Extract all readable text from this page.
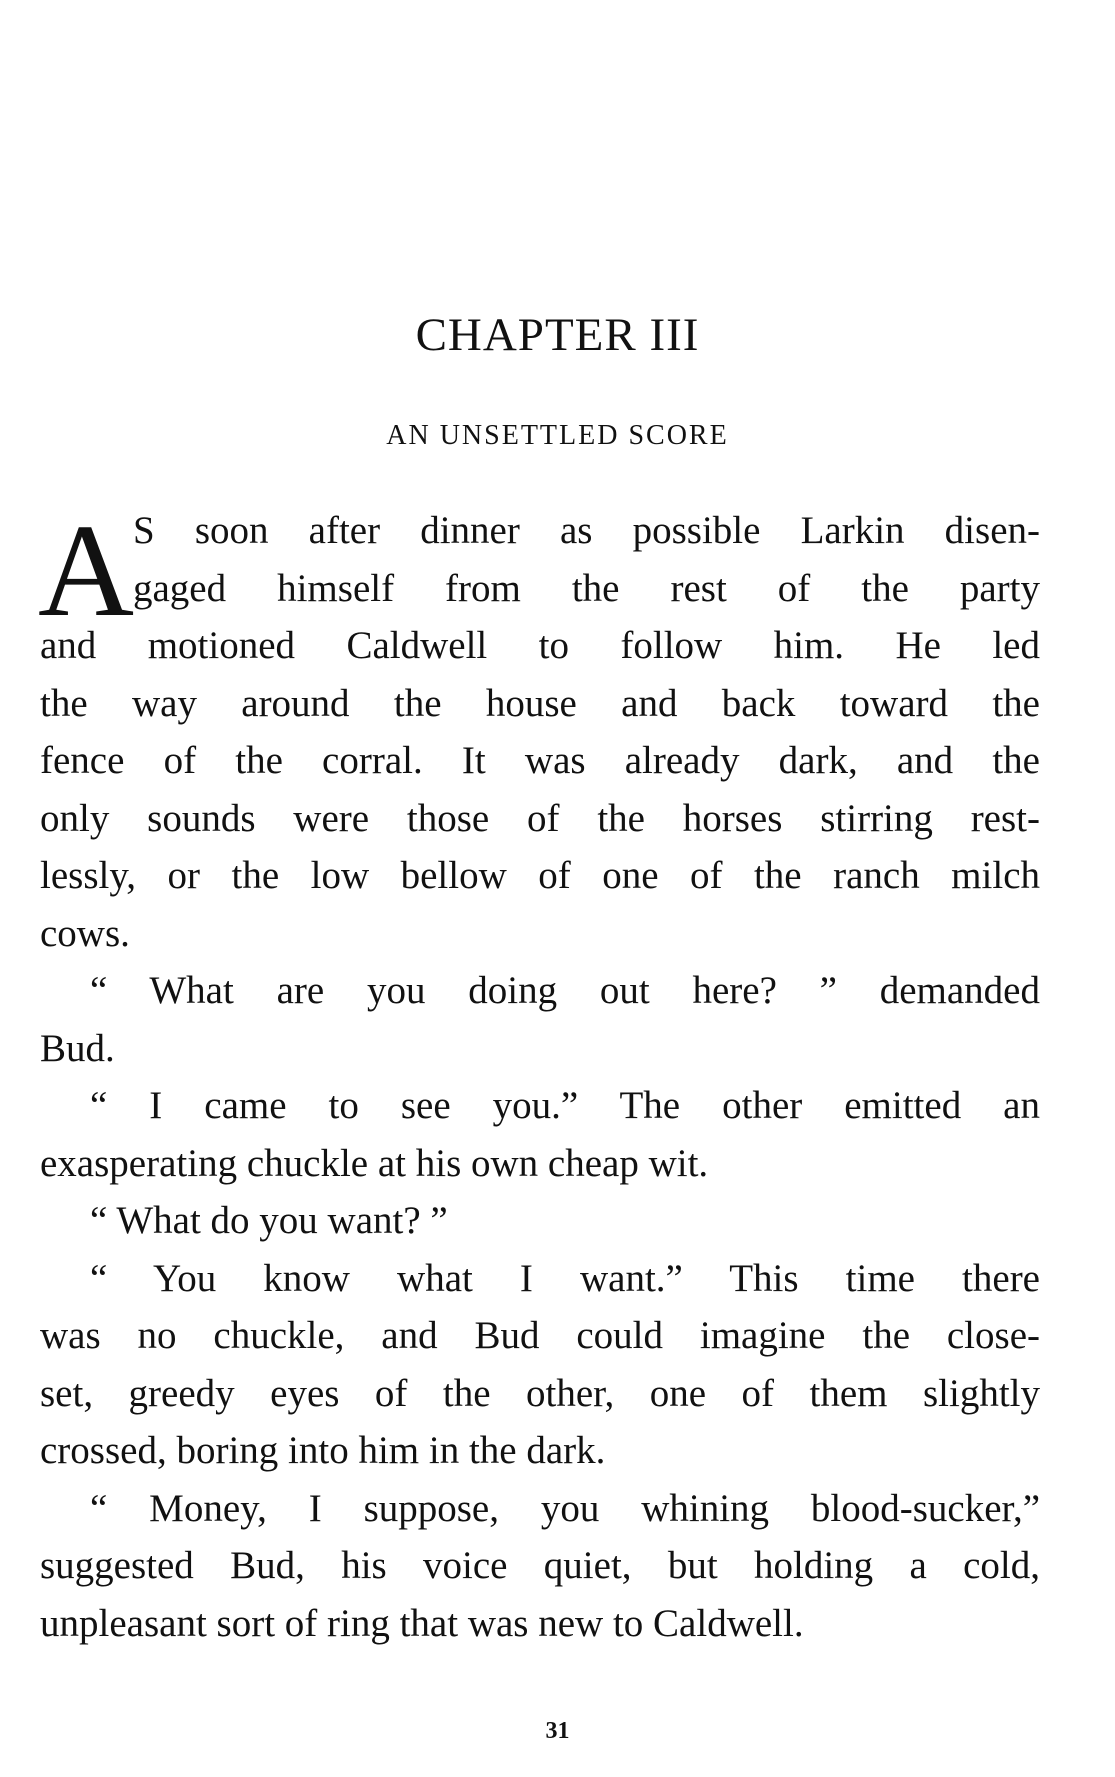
CHAPTER III
AN UNSETTLED SCORE
A
S soon after dinner as possible Larkin disen-
gaged himself from the rest of the party
and motioned Caldwell to follow him. He led
the way around the house and back toward the
fence of the corral. It was already dark, and the
only sounds were those of the horses stirring rest-
lessly, or the low bellow of one of the ranch milch
cows.
“ What are you doing out here? ” demanded
Bud.
“ I came to see you.” The other emitted an
exasperating chuckle at his own cheap wit.
“ What do you want? ”
“ You know what I want.” This time there
was no chuckle, and Bud could imagine the close-
set, greedy eyes of the other, one of them slightly
crossed, boring into him in the dark.
“ Money, I suppose, you whining blood-sucker,”
suggested Bud, his voice quiet, but holding a cold,
unpleasant sort of ring that was new to Caldwell.
31
